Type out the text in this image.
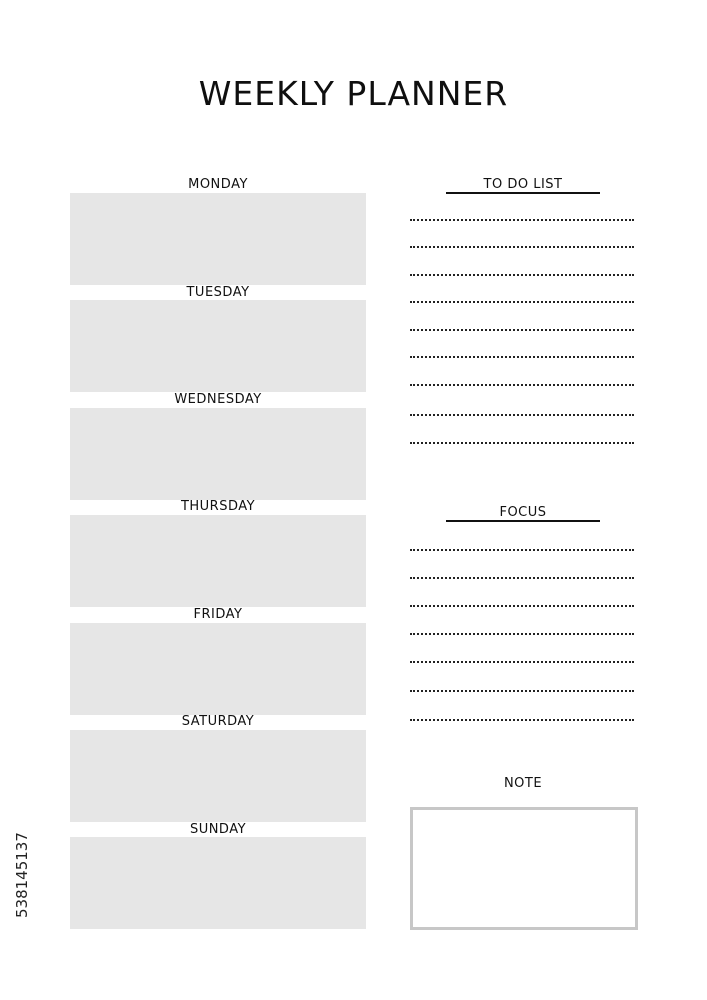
WEEKLY PLANNER
MONDAY
TUESDAY
WEDNESDAY
THURSDAY
FRIDAY
SATURDAY
SUNDAY
TO DO LIST
FOCUS
NOTE
538145137
